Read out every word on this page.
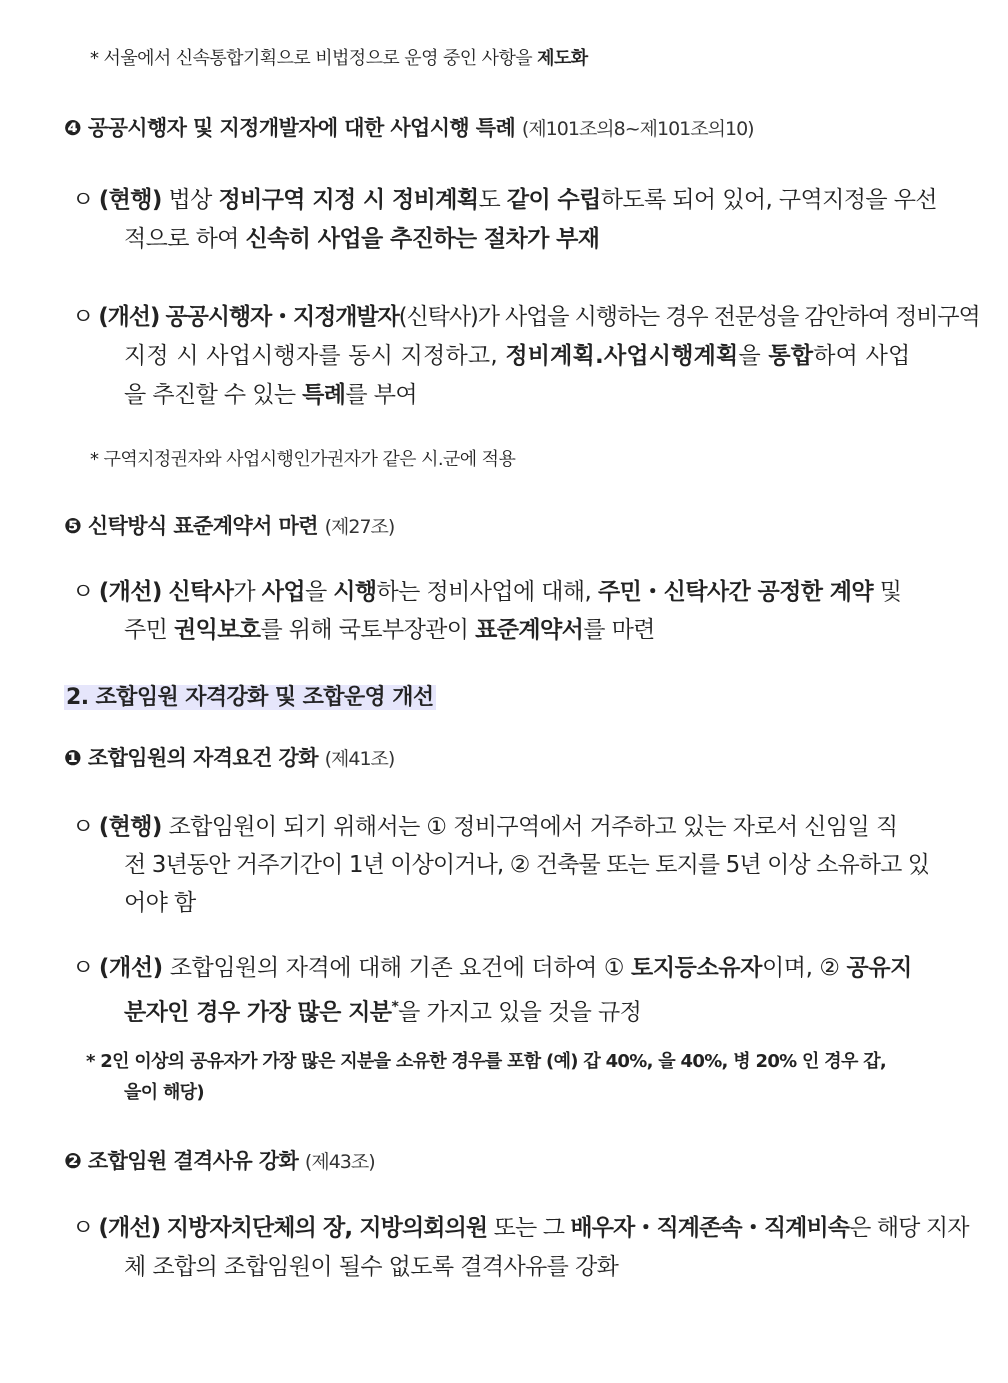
* 서울에서 신속통합기획으로 비법정으로 운영 중인 사항을 제도화
❹ 공공시행자 및 지정개발자에 대한 사업시행 특례 (제101조의8~제101조의10)
ㅇ (현행) 법상 정비구역 지정 시 정비계획도 같이 수립하도록 되어 있어, 구역지정을 우선
적으로 하여 신속히 사업을 추진하는 절차가 부재
ㅇ (개선) 공공시행자・지정개발자(신탁사)가 사업을 시행하는 경우 전문성을 감안하여 정비구역
지정 시 사업시행자를 동시 지정하고, 정비계획.사업시행계획을 통합하여 사업
을 추진할 수 있는 특례를 부여
* 구역지정권자와 사업시행인가권자가 같은 시.군에 적용
❺ 신탁방식 표준계약서 마련 (제27조)
ㅇ (개선) 신탁사가 사업을 시행하는 정비사업에 대해, 주민・신탁사간 공정한 계약 및
주민 권익보호를 위해 국토부장관이 표준계약서를 마련
2. 조합임원 자격강화 및 조합운영 개선
❶ 조합임원의 자격요건 강화 (제41조)
ㅇ (현행) 조합임원이 되기 위해서는 ① 정비구역에서 거주하고 있는 자로서 신임일 직
전 3년동안 거주기간이 1년 이상이거나, ② 건축물 또는 토지를 5년 이상 소유하고 있
어야 함
ㅇ (개선) 조합임원의 자격에 대해 기존 요건에 더하여 ① 토지등소유자이며, ② 공유지
분자인 경우 가장 많은 지분*을 가지고 있을 것을 규정
* 2인 이상의 공유자가 가장 많은 지분을 소유한 경우를 포함 (예) 갑 40%, 을 40%, 병 20% 인 경우 갑,
을이 해당)
❷ 조합임원 결격사유 강화 (제43조)
ㅇ (개선) 지방자치단체의 장, 지방의회의원 또는 그 배우자・직계존속・직계비속은 해당 지자
체 조합의 조합임원이 될수 없도록 결격사유를 강화
